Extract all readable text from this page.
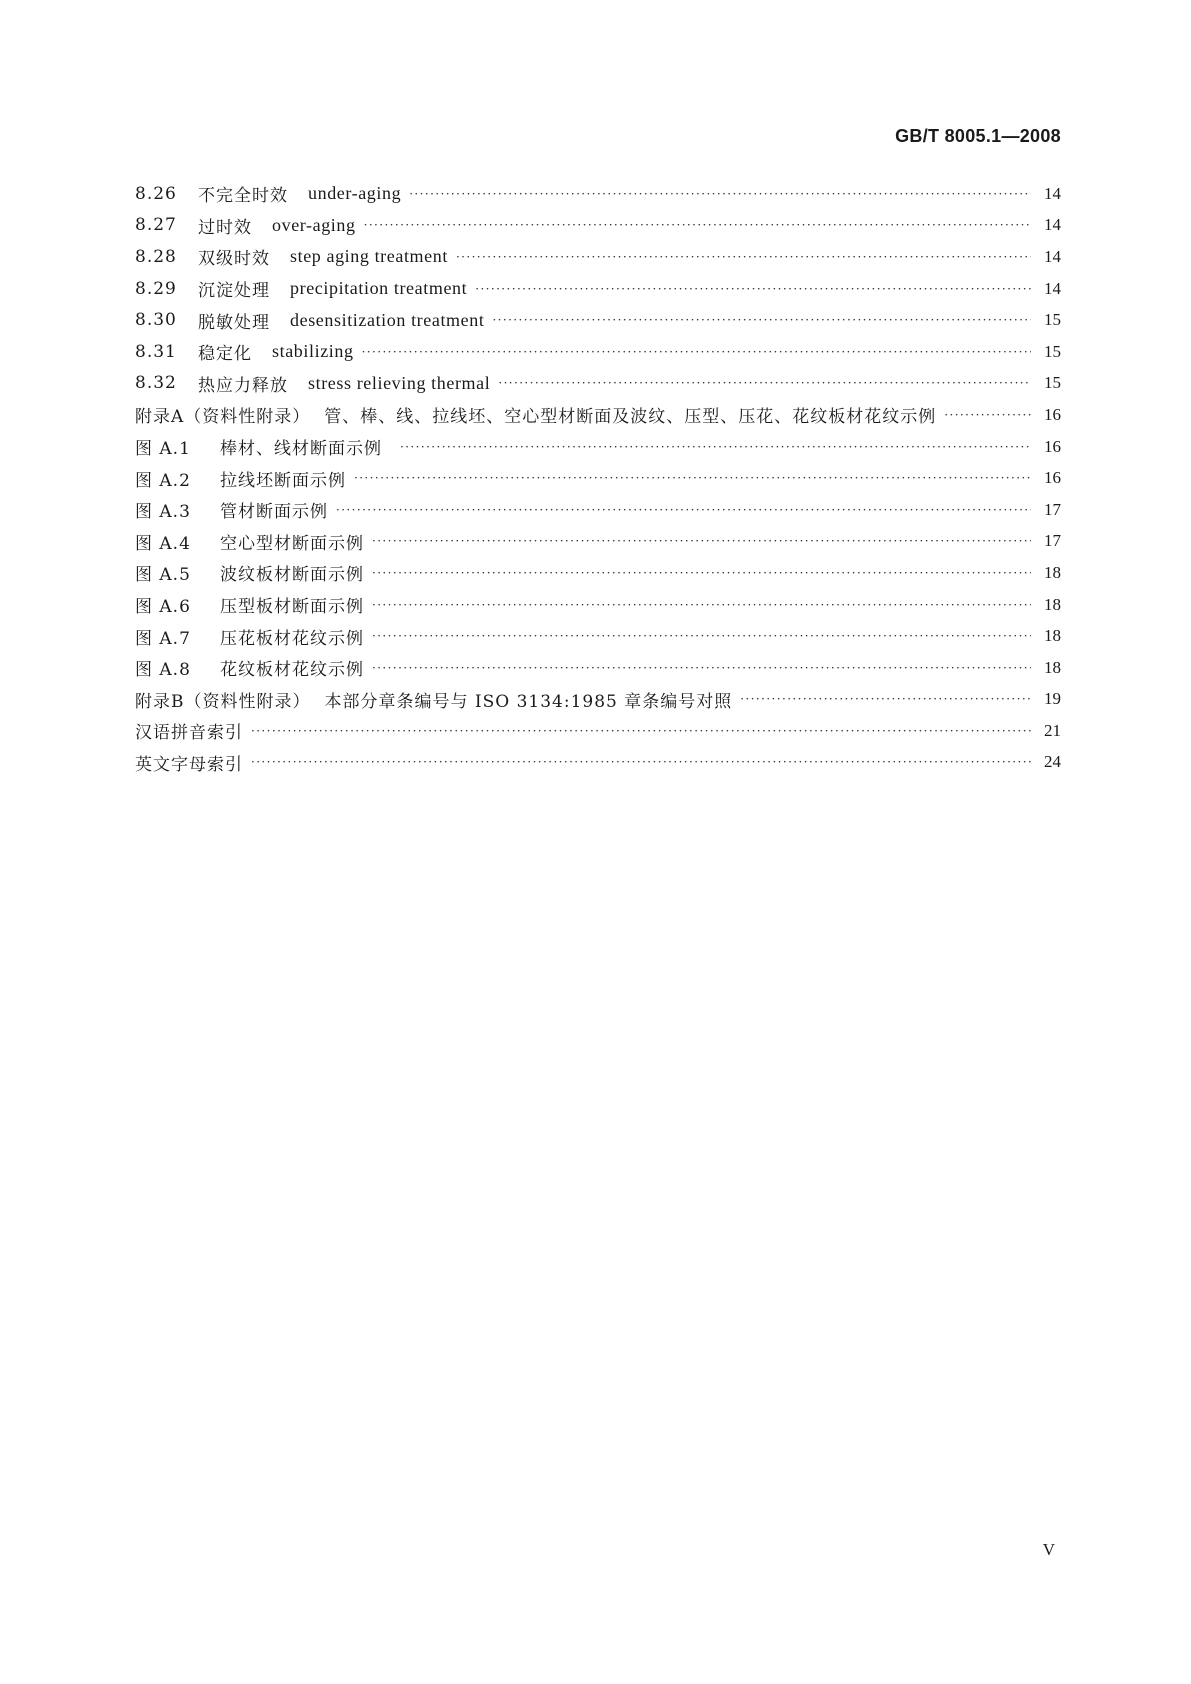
GB/T 8005.1—2008
8.26	不完全时效 under-aging ·····	14
8.27	过时效 over-aging ·····	14
8.28	双级时效 step aging treatment ·····	14
8.29	沉淀处理 precipitation treatment ·····	14
8.30	脱敏处理 desensitization treatment ·····	15
8.31	稳定化 stabilizing ·····	15
8.32	热应力释放 stress relieving thermal ·····	15
附录A（资料性附录） 管、棒、线、拉线坯、空心型材断面及波纹、压型、压花、花纹板材花纹示例 ·····	16
图 A.1	棒材、线材断面示例 ·····	16
图 A.2	拉线坯断面示例 ·····	16
图 A.3	管材断面示例 ·····	17
图 A.4	空心型材断面示例 ·····	17
图 A.5	波纹板材断面示例 ·····	18
图 A.6	压型板材断面示例 ·····	18
图 A.7	压花板材花纹示例 ·····	18
图 A.8	花纹板材花纹示例 ·····	18
附录B（资料性附录） 本部分章条编号与 ISO 3134:1985 章条编号对照 ·····	19
汉语拼音索引 ·····	21
英文字母索引 ·····	24
V
